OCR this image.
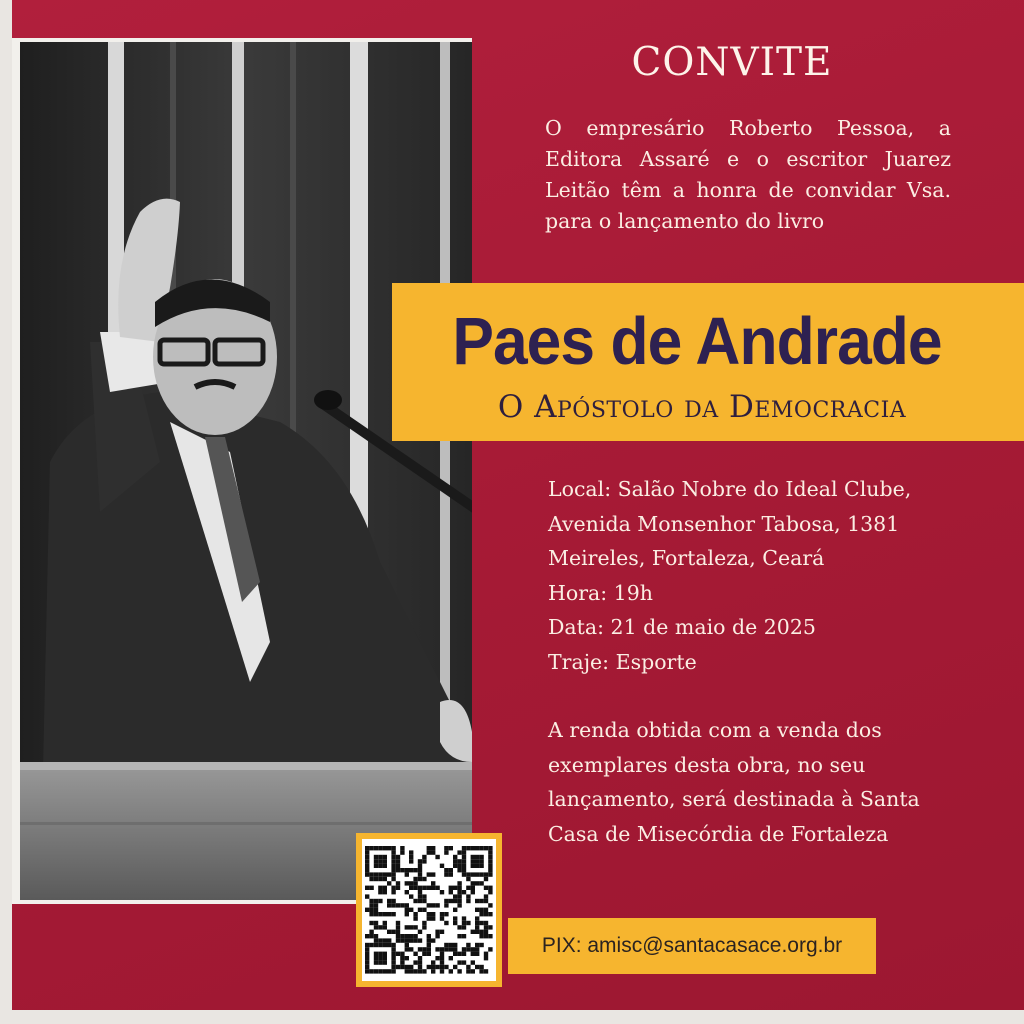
CONVITE
O empresário Roberto Pessoa, a Editora Assaré e o escritor Juarez Leitão têm a honra de convidar Vsa. para o lançamento do livro
Paes de Andrade
O Apóstolo da Democracia
Local: Salão Nobre do Ideal Clube,
Avenida Monsenhor Tabosa, 1381
Meireles, Fortaleza, Ceará
Hora: 19h
Data: 21 de maio de 2025
Traje: Esporte
A renda obtida com a venda dos exemplares desta obra, no seu lançamento, será destinada à Santa Casa de Misecórdia de Fortaleza
PIX: amisc@santacasace.org.br
